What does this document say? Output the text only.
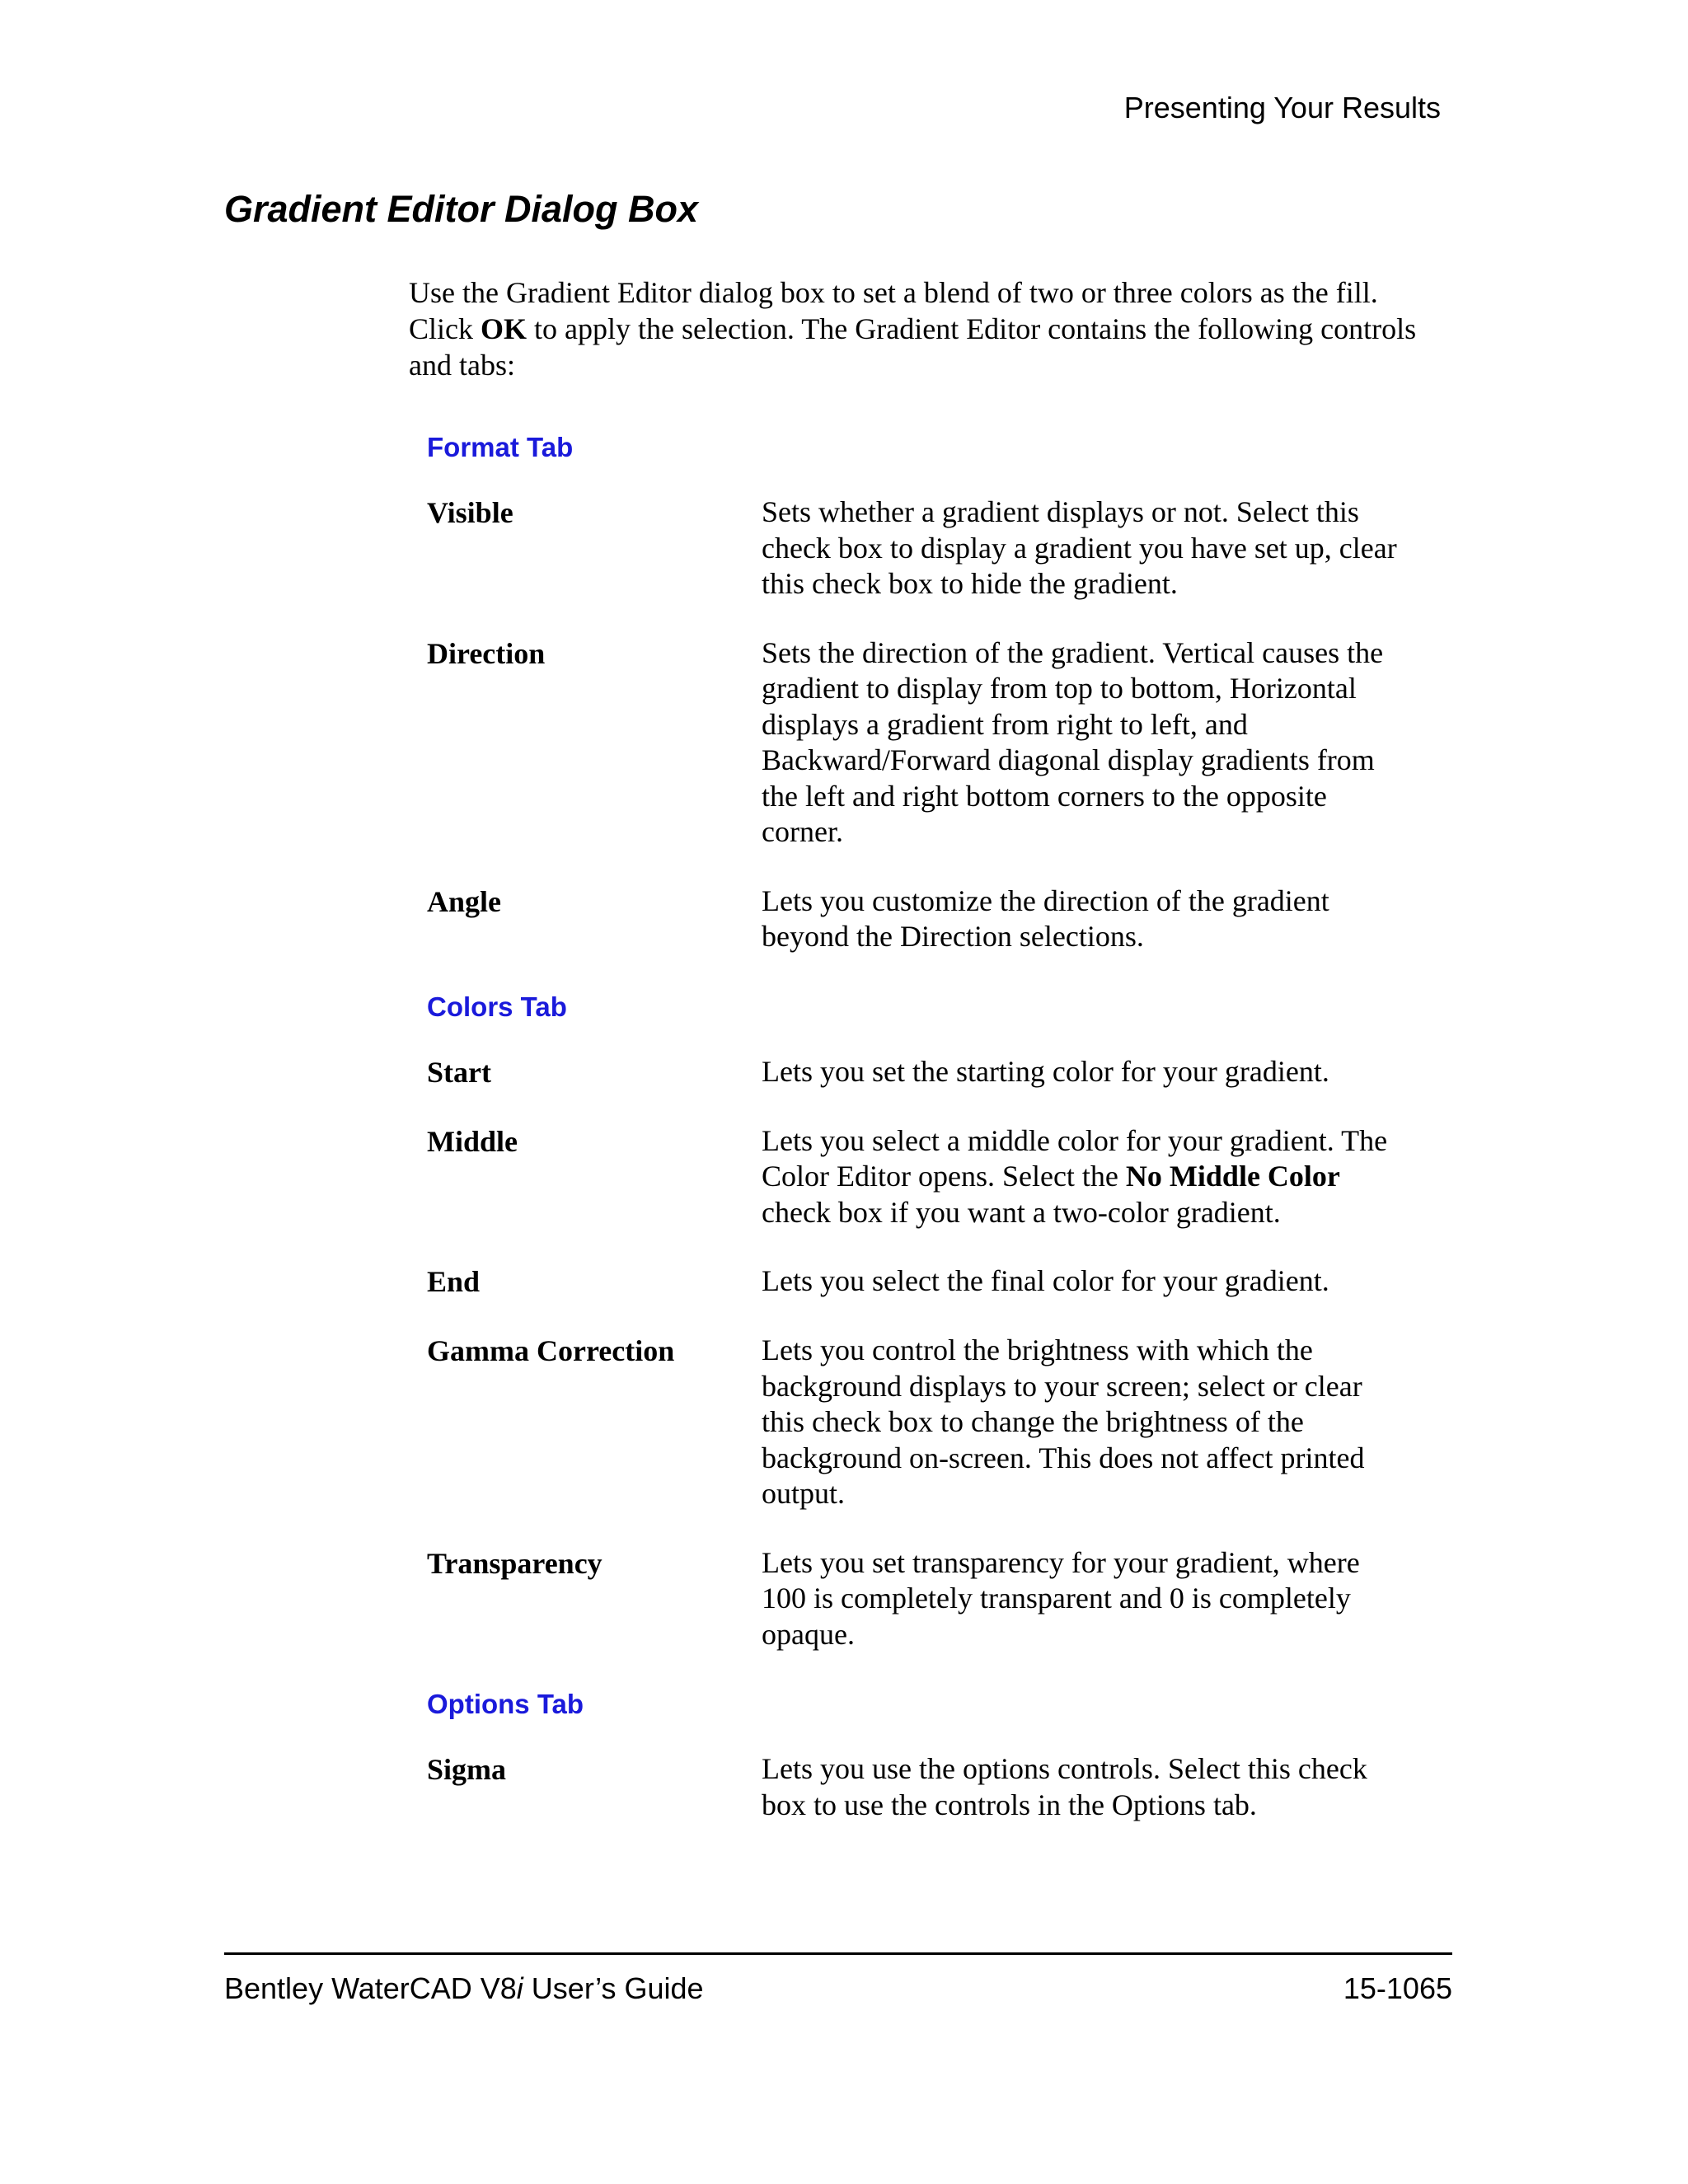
Presenting Your Results
Gradient Editor Dialog Box

Use the Gradient Editor dialog box to set a blend of two or three colors as the fill. Click OK to apply the selection. The Gradient Editor contains the following controls and tabs:

Format Tab
Visible	Sets whether a gradient displays or not. Select this check box to display a gradient you have set up, clear this check box to hide the gradient.
Direction	Sets the direction of the gradient. Vertical causes the gradient to display from top to bottom, Horizontal displays a gradient from right to left, and Backward/Forward diagonal display gradients from the left and right bottom corners to the opposite corner.
Angle	Lets you customize the direction of the gradient beyond the Direction selections.
Colors Tab
Start	Lets you set the starting color for your gradient.
Middle	Lets you select a middle color for your gradient. The Color Editor opens. Select the No Middle Color check box if you want a two-color gradient.
End	Lets you select the final color for your gradient.
Gamma Correction	Lets you control the brightness with which the background displays to your screen; select or clear this check box to change the brightness of the background on-screen. This does not affect printed output.
Transparency	Lets you set transparency for your gradient, where 100 is completely transparent and 0 is completely opaque.
Options Tab
Sigma	Lets you use the options controls. Select this check box to use the controls in the Options tab.
Bentley WaterCAD V8i User’s Guide	15-1065
